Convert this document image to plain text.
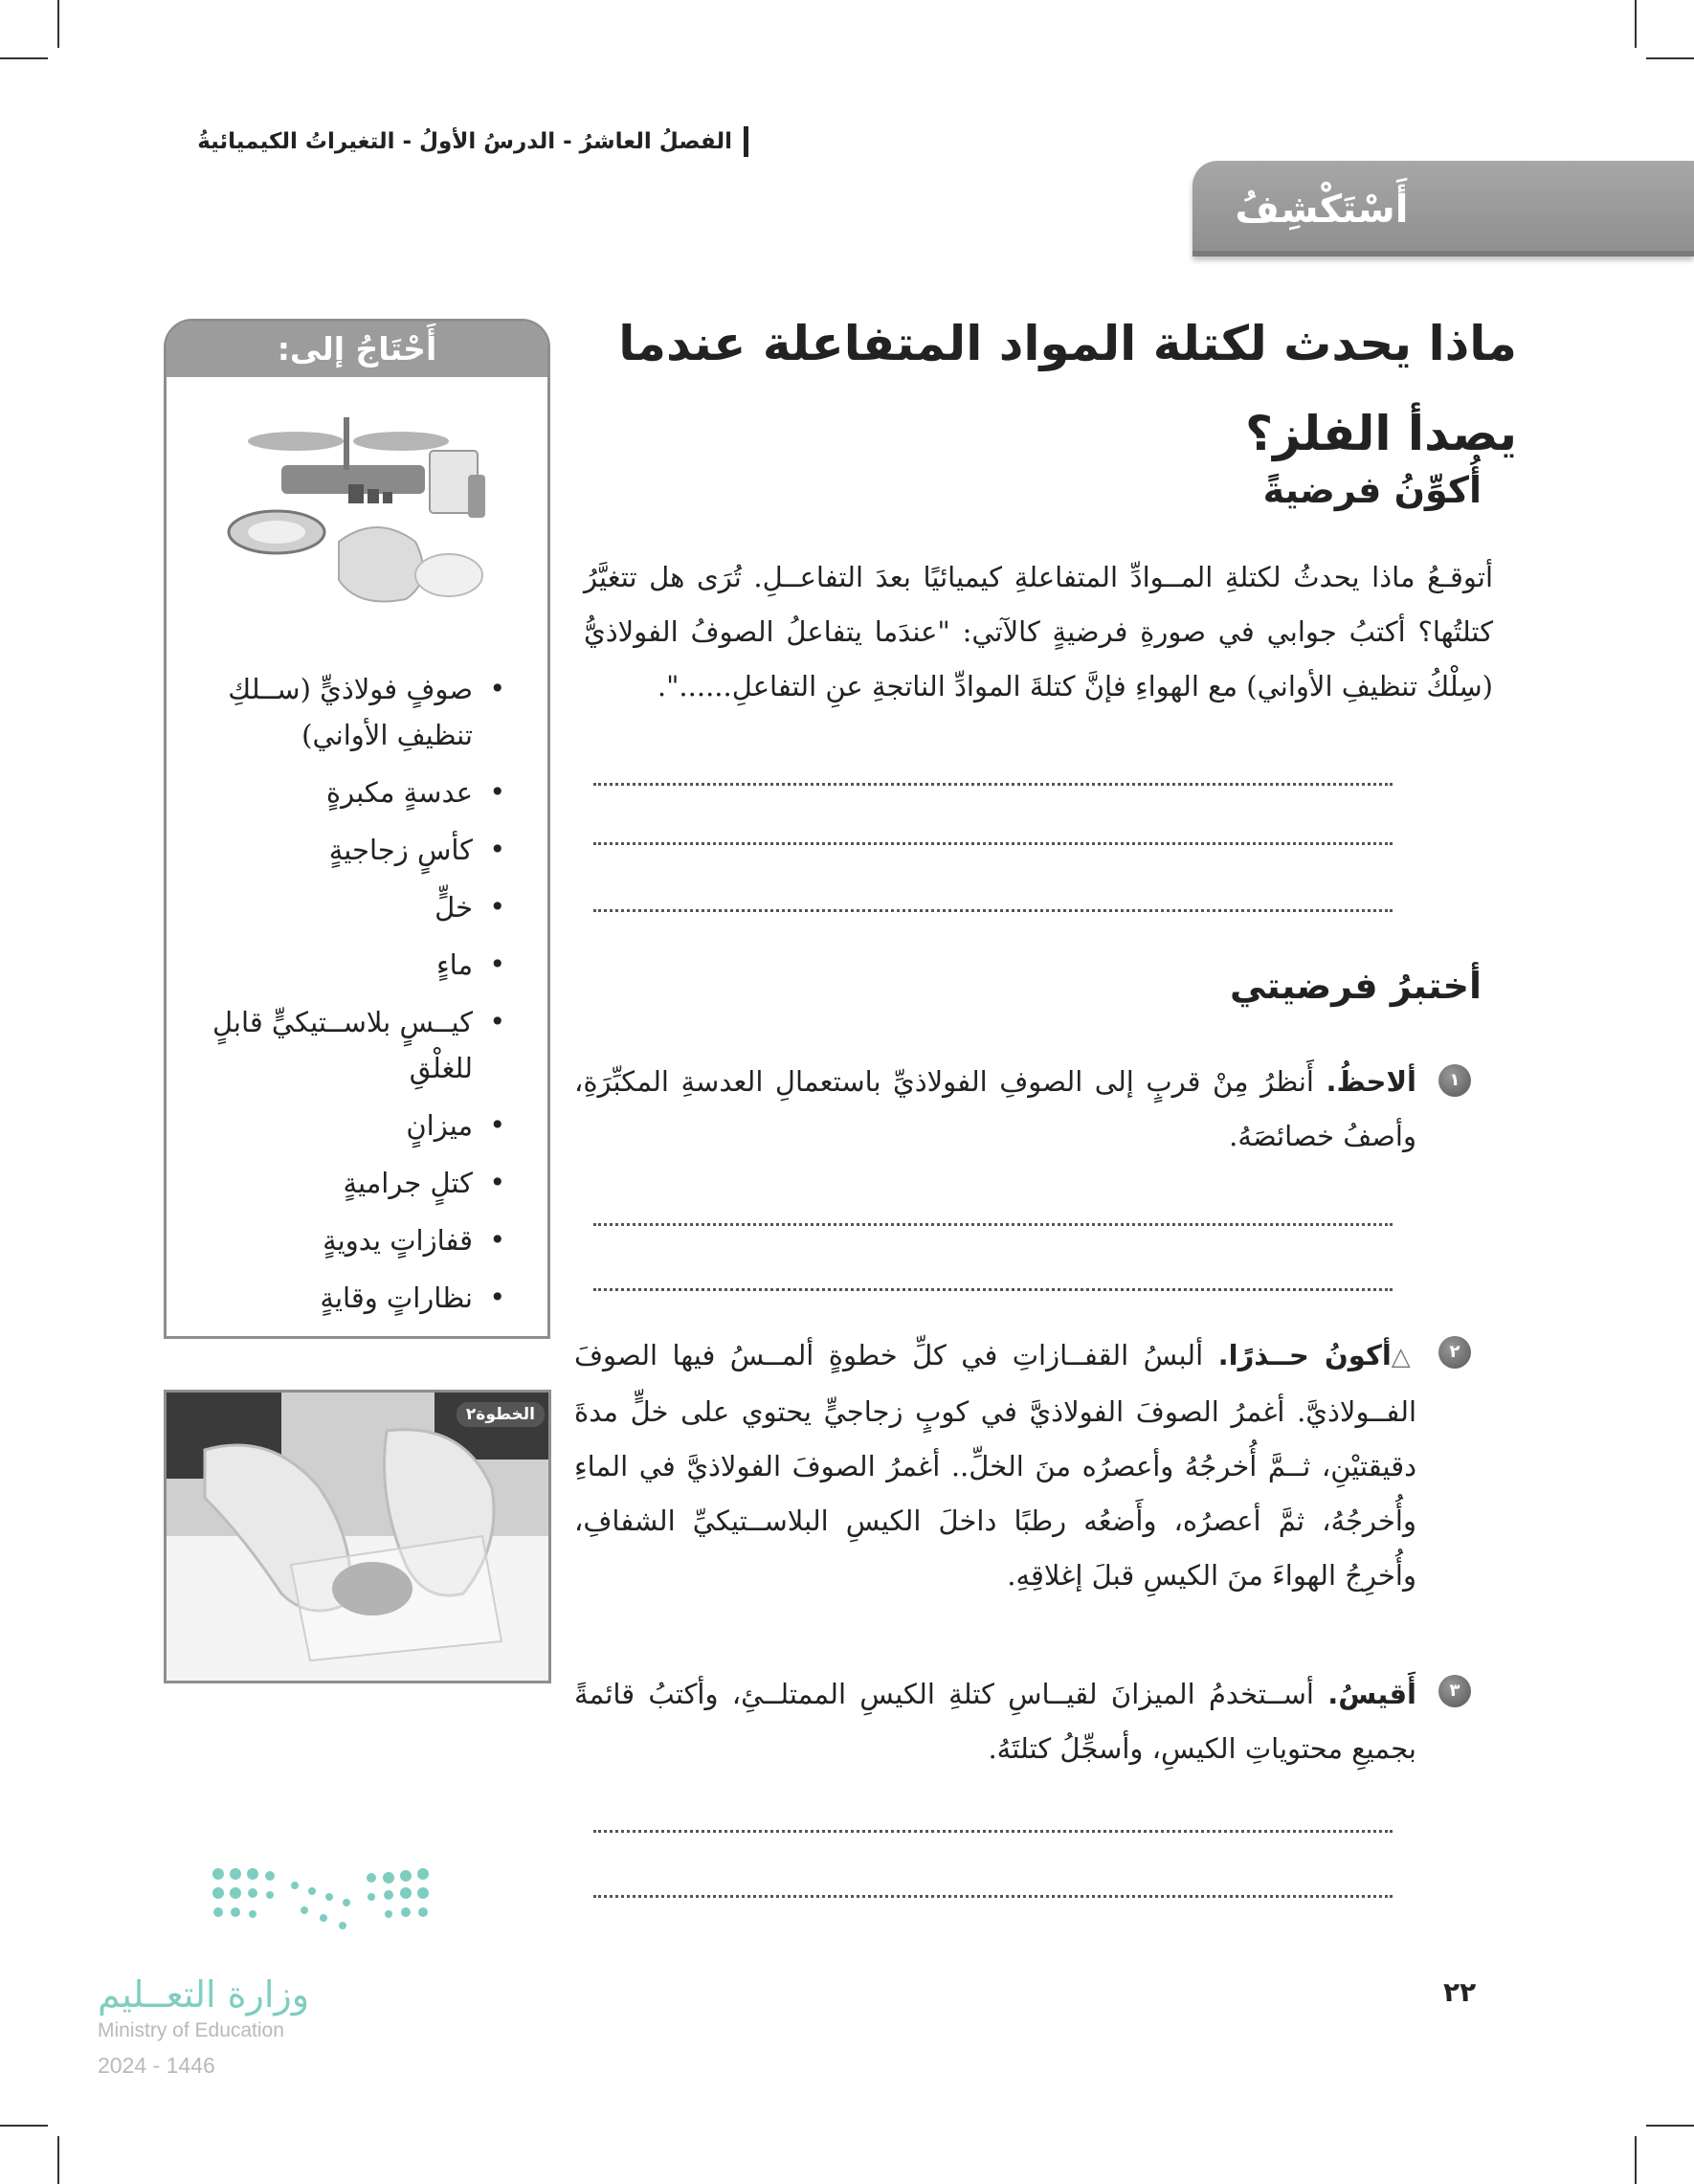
الفصلُ العاشرُ - الدرسُ الأولُ - التغيراتُ الكيميائيةُ
أَسْتَكْشِفُ
ماذا يحدث لكتلة المواد المتفاعلة عندما
يصدأ الفلز؟
أُكوِّنُ فرضيةً
أتوقـعُ ماذا يحدثُ لكتلةِ المــوادِّ المتفاعلةِ كيميائيًا بعدَ التفاعــلِ. تُرَى هل تتغيَّرُ كتلتُها؟ أكتبُ جوابي في صورةِ فرضيةٍ كالآتي: "عندَما يتفاعلُ الصوفُ الفولاذيُّ (سِلْكُ تنظيفِ الأواني) مع الهواءِ فإنَّ كتلةَ الموادِّ الناتجةِ عنِ التفاعلِ......".
أختبرُ فرضيتي
١
ألاحظُ. أَنظرُ مِنْ قربٍ إلى الصوفِ الفولاذيِّ باستعمالِ العدسةِ المكبِّرَةِ، وأصفُ خصائصَهُ.
٢
△أكونُ حــذرًا. ألبسُ القفــازاتِ في كلِّ خطوةٍ ألمــسُ فيها الصوفَ الفــولاذيَّ. أغمرُ الصوفَ الفولاذيَّ في كوبٍ زجاجيٍّ يحتوي على خلٍّ مدةَ دقيقتيْنِ، ثــمَّ أُخرجُهُ وأعصرُه منَ الخلِّ.. أغمرُ الصوفَ الفولاذيَّ في الماءِ وأُخرجُهُ، ثمَّ أعصرُه، وأَضعُه رطبًا داخلَ الكيسِ البلاســتيكيِّ الشفافِ، وأُخرِجُ الهواءَ منَ الكيسِ قبلَ إغلاقِهِ.
٣
أَقيسُ. أســتخدمُ الميزانَ لقيــاسِ كتلةِ الكيسِ الممتلــئِ، وأكتبُ قائمةً بجميعِ محتوياتِ الكيسِ، وأسجِّلُ كتلتَهُ.
أَحْتَاجُ إلى:
• صوفٍ فولاذيٍّ (ســلكِ تنظيفِ الأواني)
• عدسةٍ مكبرةٍ
• كأسٍ زجاجيةٍ
• خلٍّ
• ماءٍ
• كيــسٍ بلاســتيكيٍّ قابلٍ للغلْقِ
• ميزانٍ
• كتلٍ جراميةٍ
• قفازاتٍ يدويةٍ
• نظاراتٍ وقايةٍ
الخطوة٢
٢٢
وزارة التعــليم
Ministry of Education
2024 - 1446
